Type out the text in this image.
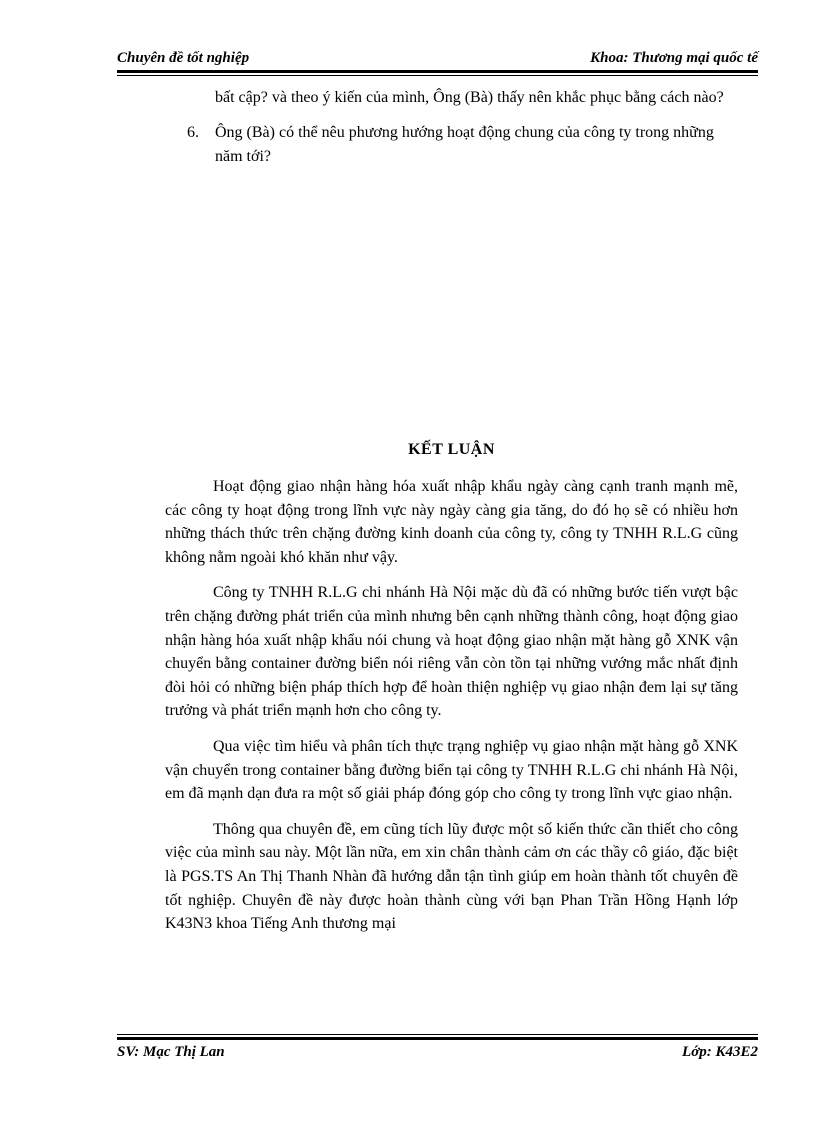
Chuyên đề tốt nghiệp	Khoa: Thương mại quốc tế
bất cập? và theo ý kiến của mình, Ông (Bà) thấy nên khắc phục bằng cách nào?
6.	Ông (Bà) có thể nêu phương hướng hoạt động chung của công ty trong những năm tới?
KẾT LUẬN

Hoạt động giao nhận hàng hóa xuất nhập khẩu ngày càng cạnh tranh mạnh mẽ, các công ty hoạt động trong lĩnh vực này ngày càng gia tăng, do đó họ sẽ có nhiều hơn những thách thức trên chặng đường kinh doanh của công ty, công ty TNHH R.L.G cũng không nằm ngoài khó khăn như vậy.

Công ty TNHH R.L.G chi nhánh Hà Nội mặc dù đã có những bước tiến vượt bậc trên chặng đường phát triển của mình nhưng bên cạnh những thành công, hoạt động giao nhận hàng hóa xuất nhập khẩu nói chung và hoạt động giao nhận mặt hàng gỗ XNK vận chuyển bằng container đường biển nói riêng vẫn còn tồn tại những vướng mắc nhất định đòi hỏi có những biện pháp thích hợp để hoàn thiện nghiệp vụ giao nhận đem lại sự tăng trưởng và phát triển mạnh hơn cho công ty.

Qua việc tìm hiểu và phân tích thực trạng nghiệp vụ giao nhận mặt hàng gỗ XNK vận chuyển trong container bằng đường biển tại công ty TNHH R.L.G chi nhánh Hà Nội, em đã mạnh dạn đưa ra một số giải pháp đóng góp cho công ty trong lĩnh vực giao nhận.

Thông qua chuyên đề, em cũng tích lũy được một số kiến thức cần thiết cho công việc của mình sau này. Một lần nữa, em xin chân thành cảm ơn các thầy cô giáo, đặc biệt là PGS.TS An Thị Thanh Nhàn đã hướng dẫn tận tình giúp em hoàn thành tốt chuyên đề tốt nghiệp. Chuyên đề này được hoàn thành cùng với bạn Phan Trần Hồng Hạnh lớp K43N3 khoa Tiếng Anh thương mại

SV: Mạc Thị Lan	Lớp: K43E2
